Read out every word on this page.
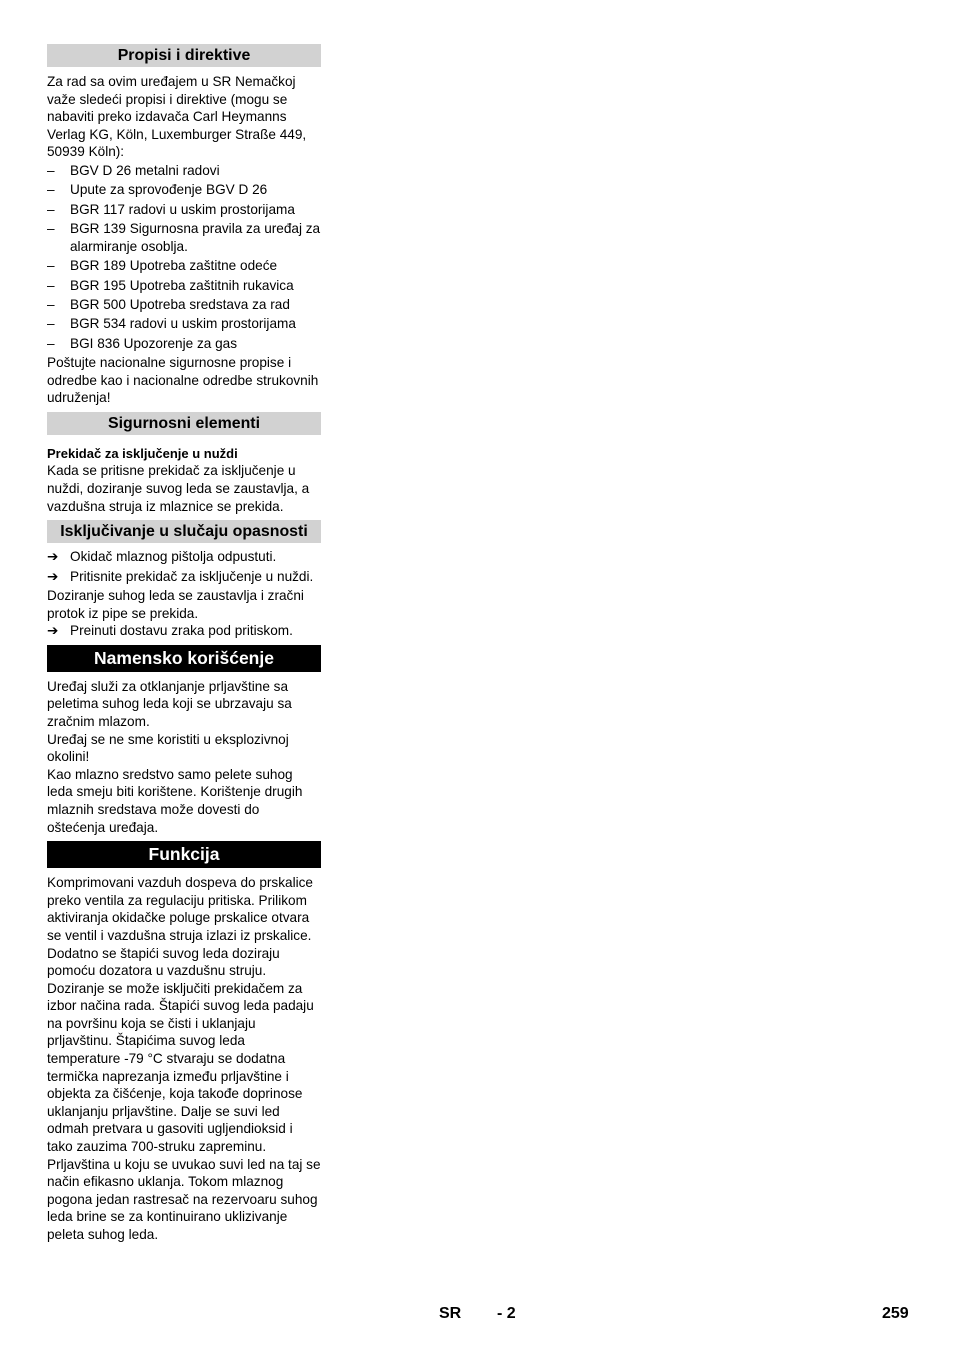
Propisi i direktive

Za rad sa ovim uređajem u SR Nemačkoj važe sledeći propisi i direktive (mogu se nabaviti preko izdavača Carl Heymanns Verlag KG, Köln, Luxemburger Straße 449, 50939 Köln):

– BGV D 26 metalni radovi
– Upute za sprovođenje BGV D 26
– BGR 117 radovi u uskim prostorijama
– BGR 139 Sigurnosna pravila za uređaj za alarmiranje osoblja.
– BGR 189 Upotreba zaštitne odeće
– BGR 195 Upotreba zaštitnih rukavica
– BGR 500 Upotreba sredstava za rad
– BGR 534 radovi u uskim prostorijama
– BGI 836 Upozorenje za gas

Poštujte nacionalne sigurnosne propise i odredbe kao i nacionalne odredbe strukovnih udruženja!

Sigurnosni elementi

Prekidač za isključenje u nuždi

Kada se pritisne prekidač za isključenje u nuždi, doziranje suvog leda se zaustavlja, a vazdušna struja iz mlaznice se prekida.

Isključivanje u slučaju opasnosti
➔ Okidač mlaznog pištolja odpustuti.
➔ Pritisnite prekidač za isključenje u nuždi.

Doziranje suhog leda se zaustavlja i zračni protok iz pipe se prekida.

➔ Preinuti dostavu zraka pod pritiskom.
Namensko korišćenje

Uređaj služi za otklanjanje prljavštine sa peletima suhog leda koji se ubrzavaju sa zračnim mlazom.

Uređaj se ne sme koristiti u eksplozivnoj okolini!

Kao mlazno sredstvo samo pelete suhog leda smeju biti korištene. Korištenje drugih mlaznih sredstava može dovesti do oštećenja uređaja.

Funkcija

Komprimovani vazduh dospeva do prskalice preko ventila za regulaciju pritiska. Prilikom aktiviranja okidačke poluge prskalice otvara se ventil i vazdušna struja izlazi iz prskalice. Dodatno se štapići suvog leda doziraju pomoću dozatora u vazdušnu struju. Doziranje se može isključiti prekidačem za izbor načina rada. Štapići suvog leda padaju na površinu koja se čisti i uklanjaju prljavštinu. Štapićima suvog leda temperature -79 °C stvaraju se dodatna termička naprezanja između prljavštine i objekta za čišćenje, koja takođe doprinose uklanjanju prljavštine. Dalje se suvi led odmah pretvara u gasoviti ugljendioksid i tako zauzima 700-struku zapreminu. Prljavština u koju se uvukao suvi led na taj se način efikasno uklanja. Tokom mlaznog pogona jedan rastresač na rezervoaru suhog leda brine se za kontinuirano uklizivanje peleta suhog leda.

SR - 2	259
